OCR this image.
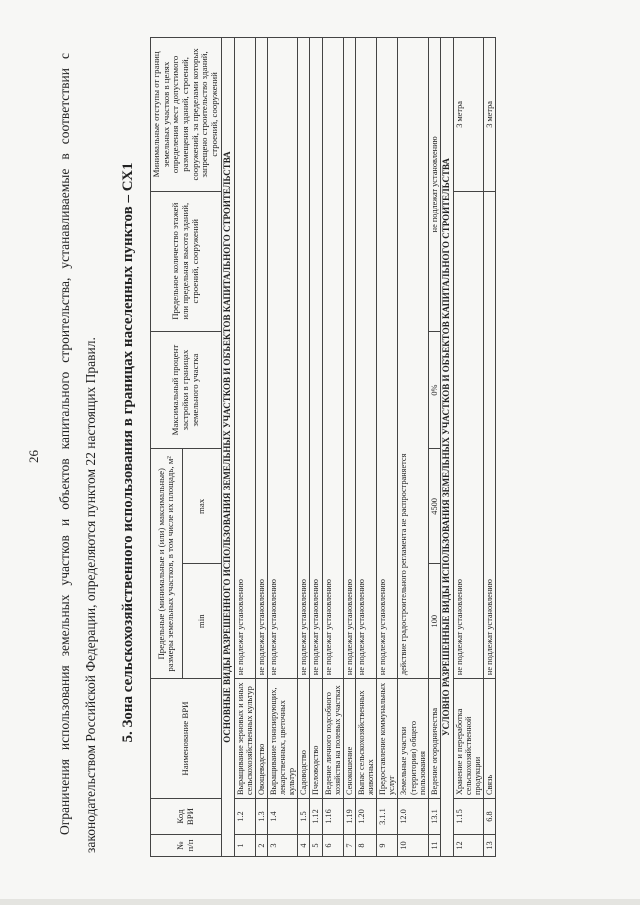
26	Ограничения использования земельных участков и объектов капитального строительства, устанавливаемые в соответствии с законодательством Российской Федерации, определяются пунктом 22 настоящих Правил.	5. Зона сельскохозяйственного использования в границах населенных пунктов – СХ1
№ п/п	Код ВРИ	Наименование ВРИ	Предельные (минимальные и (или) максимальные) размеры земельных участков, в том числе их площадь, м²		Максимальный процент застройки в границах земельного участка	Предельное количество этажей или предельная высота зданий, строений, сооружений	Минимальные отступы от границ земельных участков в целях определения мест допустимого размещения зданий, строений, сооружений, за пределами которых запрещено строительство зданий, строений, сооружений
			min	max			
ОСНОВНЫЕ ВИДЫ РАЗРЕШЕННОГО ИСПОЛЬЗОВАНИЯ ЗЕМЕЛЬНЫХ УЧАСТКОВ И ОБЪЕКТОВ КАПИТАЛЬНОГО СТРОИТЕЛЬСТВА							
1	1.2	Выращивание зерновых и иных сельскохозяйственных культур	не подлежат установлению				
2	1.3	Овощеводство	не подлежат установлению				
3	1.4	Выращивание тонизирующих, лекарственных, цветочных культур	не подлежат установлению				
4	1.5	Садоводство	не подлежат установлению				
5	1.12	Пчеловодство	не подлежат установлению				
6	1.16	Ведение личного подсобного хозяйства на полевых участках	не подлежат установлению				
7	1.19	Сенокошение	не подлежат установлению				
8	1.20	Выпас сельскохозяйственных животных	не подлежат установлению				
9	3.1.1	Предоставление коммунальных услуг	не подлежат установлению				
10	12.0	Земельные участки (территории) общего пользования	действие градостроительного регламента не распространяется				
11	13.1	Ведение огородничества	100	4500	0%	не подлежат установлению	
УСЛОВНО РАЗРЕШЕННЫЕ ВИДЫ ИСПОЛЬЗОВАНИЯ ЗЕМЕЛЬНЫХ УЧАСТКОВ И ОБЪЕКТОВ КАПИТАЛЬНОГО СТРОИТЕЛЬСТВА							
12	1.15	Хранение и переработка сельскохозяйственной продукции	не подлежат установлению				3 метра
13	6.8	Связь	не подлежат установлению				3 метра
